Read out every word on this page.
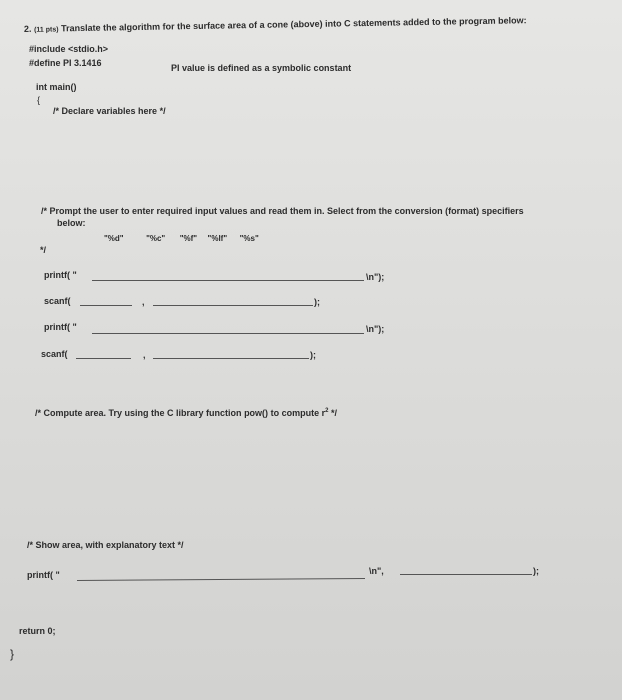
2. (11 pts) Translate the algorithm for the surface area of a cone (above) into C statements added to the program below:
#include <stdio.h>
#define PI 3.1416	PI value is defined as a symbolic constant
int main()
{
/* Declare variables here */
/* Prompt the user to enter required input values and read them in. Select from the conversion (format) specifiers
below:
"%d"	"%c" "%f" "%lf" "%s"
*/
printf( "	\n");
scanf(	,	);
printf( "	\n");
scanf(	,	);
/* Compute area. Try using the C library function pow() to compute $r^2$ */
/* Show area, with explanatory text */
printf( "	\n",	);
return 0;
}
